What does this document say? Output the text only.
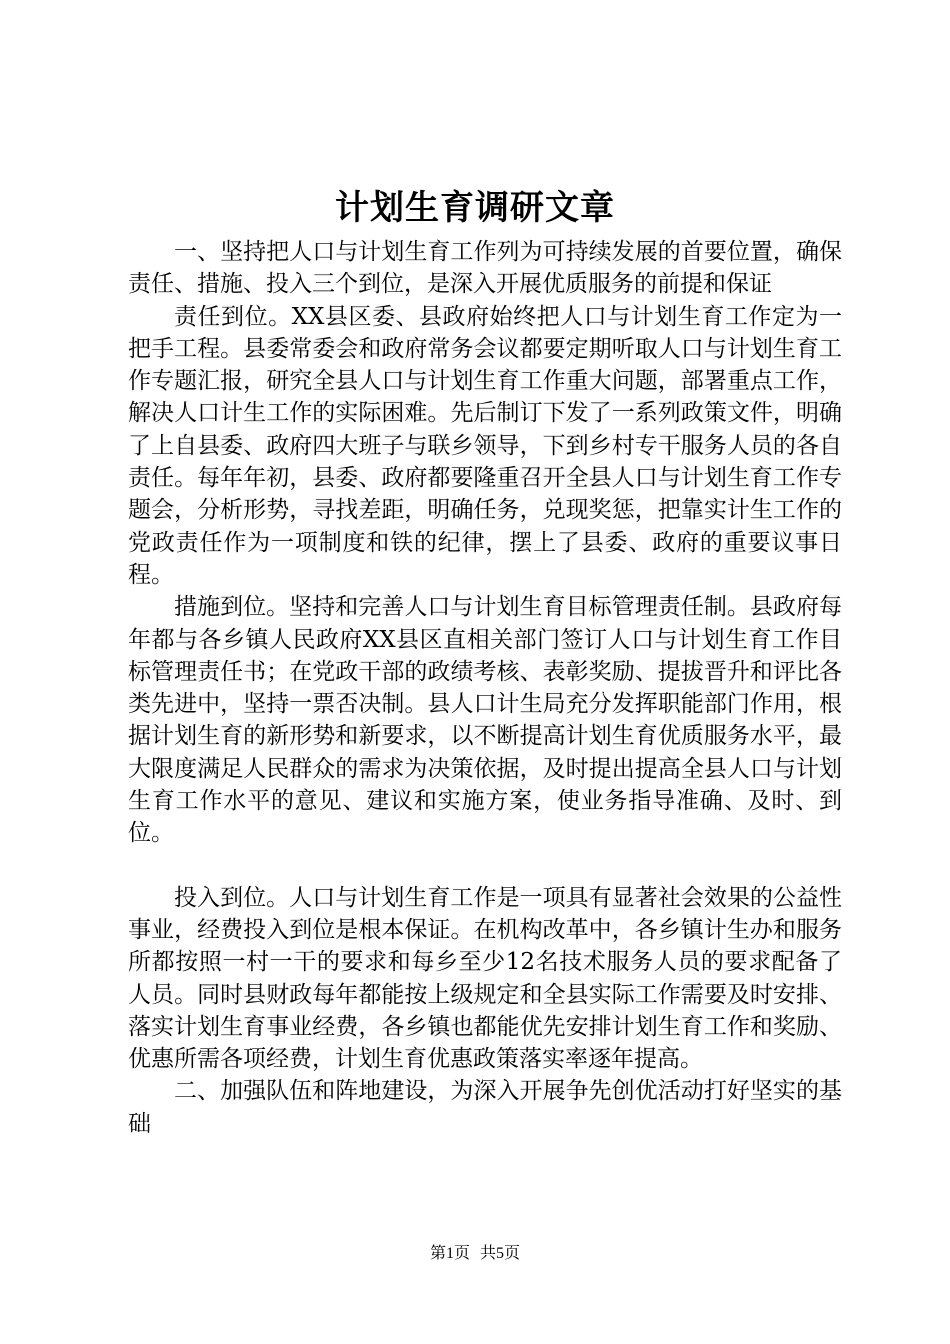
计划生育调研文章

一、坚持把人口与计划生育工作列为可持续发展的首要位置，确保责任、措施、投入三个到位，是深入开展优质服务的前提和保证

责任到位。XX县区委、县政府始终把人口与计划生育工作定为一把手工程。县委常委会和政府常务会议都要定期听取人口与计划生育工作专题汇报，研究全县人口与计划生育工作重大问题，部署重点工作，解决人口计生工作的实际困难。先后制订下发了一系列政策文件，明确了上自县委、政府四大班子与联乡领导，下到乡村专干服务人员的各自责任。每年年初，县委、政府都要隆重召开全县人口与计划生育工作专题会，分析形势，寻找差距，明确任务，兑现奖惩，把靠实计生工作的党政责任作为一项制度和铁的纪律，摆上了县委、政府的重要议事日程。

措施到位。坚持和完善人口与计划生育目标管理责任制。县政府每年都与各乡镇人民政府XX县区直相关部门签订人口与计划生育工作目标管理责任书；在党政干部的政绩考核、表彰奖励、提拔晋升和评比各类先进中，坚持一票否决制。县人口计生局充分发挥职能部门作用，根据计划生育的新形势和新要求，以不断提高计划生育优质服务水平，最大限度满足人民群众的需求为决策依据，及时提出提高全县人口与计划生育工作水平的意见、建议和实施方案，使业务指导准确、及时、到位。

投入到位。人口与计划生育工作是一项具有显著社会效果的公益性事业，经费投入到位是根本保证。在机构改革中，各乡镇计生办和服务所都按照一村一干的要求和每乡至少12名技术服务人员的要求配备了人员。同时县财政每年都能按上级规定和全县实际工作需要及时安排、落实计划生育事业经费，各乡镇也都能优先安排计划生育工作和奖励、优惠所需各项经费，计划生育优惠政策落实率逐年提高。

二、加强队伍和阵地建设，为深入开展争先创优活动打好坚实的基础

第1页 共5页
